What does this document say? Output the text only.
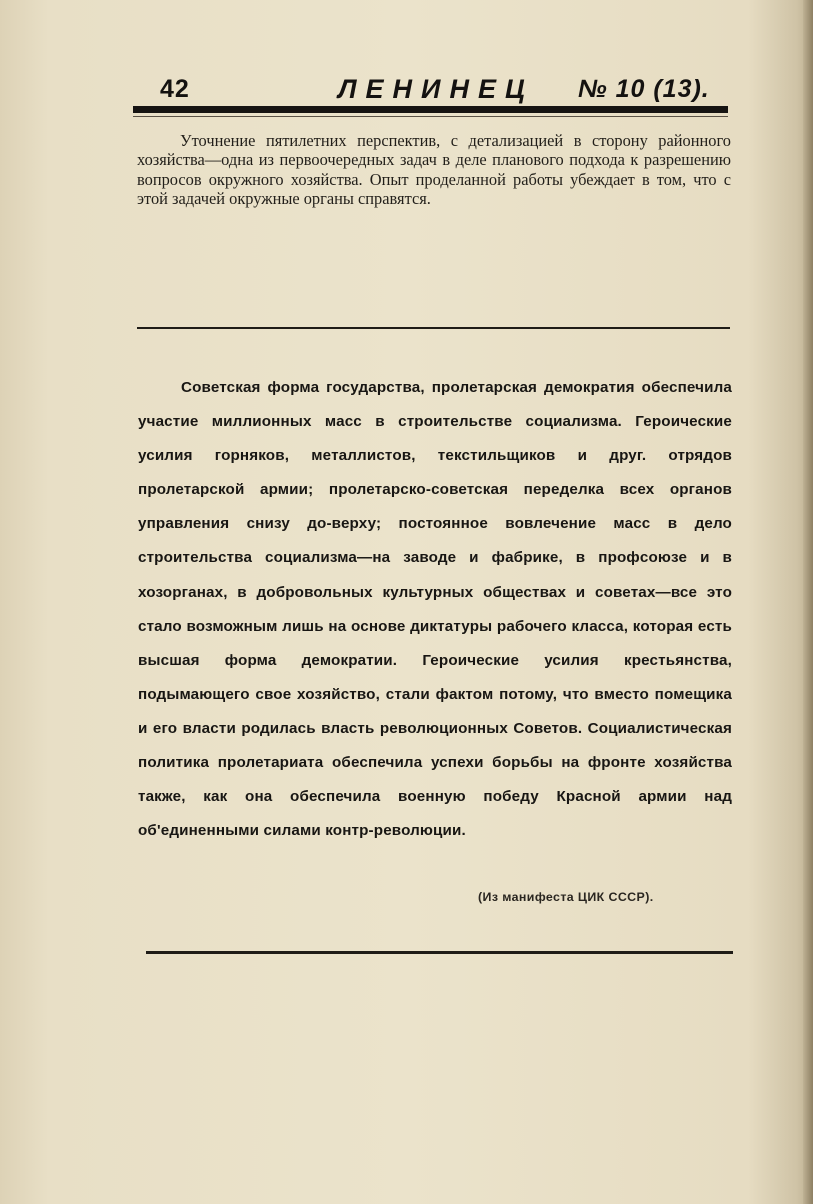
42	ЛЕНИНЕЦ № 10 (13).

Уточнение пятилетних перспектив, с детализацией в сторону районного хозяйства—одна из первоочередных задач в деле планового подхода к разрешению вопросов окружного хозяйства. Опыт проделанной работы убеждает в том, что с этой задачей окружные органы справятся.

Советская форма государства, пролетарская демократия обеспечила участие миллионных масс в строительстве социализма. Героические усилия горняков, металлистов, текстильщиков и друг. отрядов пролетарской армии; пролетарско-советская переделка всех органов управления снизу до-верху; постоянное вовлечение масс в дело строительства социализма—на заводе и фабрике, в профсоюзе и в хозорганах, в добровольных культурных обществах и советах—все это стало возможным лишь на основе диктатуры рабочего класса, которая есть высшая форма демократии. Героические усилия крестьянства, подымающего свое хозяйство, стали фактом потому, что вместо помещика и его власти родилась власть революционных Советов. Социалистическая политика пролетариата обеспечила успехи борьбы на фронте хозяйства также, как она обеспечила военную победу Красной армии над об'единенными силами контр-революции.

(Из манифеста ЦИК СССР).
